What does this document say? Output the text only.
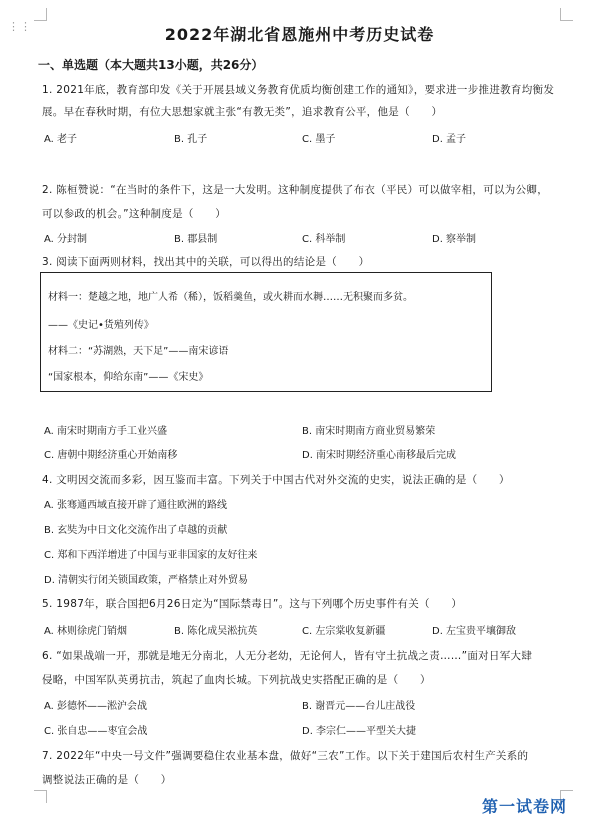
⋮⋮	2022年湖北省恩施州中考历史试卷
一、单选题（本大题共13小题，共26分）
1. 2021年底，教育部印发《关于开展县域义务教育优质均衡创建工作的通知》，要求进一步推进教育均衡发
展。早在春秋时期，有位大思想家就主张“有教无类”，追求教育公平，他是（　　）
A. 老子	B. 孔子	C. 墨子	D. 孟子
2. 陈桓赞说：“在当时的条件下，这是一大发明。这种制度提供了布衣（平民）可以做宰相，可以为公卿，
可以参政的机会。”这种制度是（　　）
A. 分封制	B. 郡县制	C. 科举制	D. 察举制
3. 阅读下面两则材料，找出其中的关联，可以得出的结论是（　　）
材料一：楚越之地，地广人希（稀），饭稻羹鱼，或火耕而水耨……无积聚而多贫。
——《史记•货殖列传》
材料二：“苏湖熟，天下足”——南宋谚语
“国家根本，仰给东南”——《宋史》
A. 南宋时期南方手工业兴盛	B. 南宋时期南方商业贸易繁荣
C. 唐朝中期经济重心开始南移	D. 南宋时期经济重心南移最后完成
4. 文明因交流而多彩，因互鉴而丰富。下列关于中国古代对外交流的史实，说法正确的是（　　）
A. 张骞通西域直接开辟了通往欧洲的路线
B. 玄奘为中日文化交流作出了卓越的贡献
C. 郑和下西洋增进了中国与亚非国家的友好往来
D. 清朝实行闭关锁国政策，严格禁止对外贸易
5. 1987年，联合国把6月26日定为“国际禁毒日”。这与下列哪个历史事件有关（　　）
A. 林则徐虎门销烟	B. 陈化成吴淞抗英	C. 左宗棠收复新疆	D. 左宝贵平壤御敌
6. “如果战端一开，那就是地无分南北，人无分老幼，无论何人，皆有守土抗战之责……”面对日军大肆
侵略，中国军队英勇抗击，筑起了血肉长城。下列抗战史实搭配正确的是（　　）
A. 彭德怀——淞沪会战	B. 谢晋元——台儿庄战役
C. 张自忠——枣宜会战	D. 李宗仁——平型关大捷
7. 2022年“中央一号文件”强调要稳住农业基本盘，做好“三农”工作。以下关于建国后农村生产关系的
调整说法正确的是（　　）
第一试卷网
